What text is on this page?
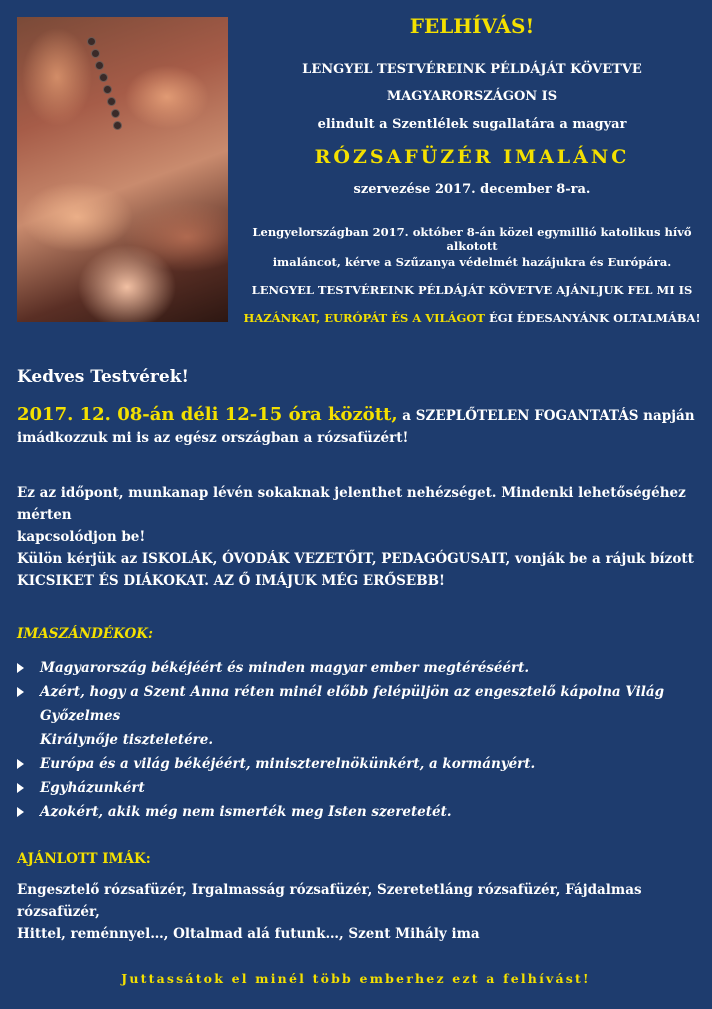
FELHÍVÁS!
LENGYEL TESTVÉREINK PÉLDÁJÁT KÖVETVE
MAGYARORSZÁGON IS
elindult a Szentlélek sugallatára a magyar
RÓZSAFÜZÉR IMALÁNC
szervezése 2017. december 8-ra.
Lengyelországban 2017. október 8-án közel egymillió katolikus hívő alkotott
imaláncot, kérve a Szűzanya védelmét hazájukra és Európára.
LENGYEL TESTVÉREINK PÉLDÁJÁT KÖVETVE AJÁNLJUK FEL MI IS
HAZÁNKAT, EURÓPÁT ÉS A VILÁGOT ÉGI ÉDESANYÁNK OLTALMÁBA!
Kedves Testvérek!
2017. 12. 08-án déli 12-15 óra között, a SZEPLŐTELEN FOGANTATÁS napján
imádkozzuk mi is az egész országban a rózsafüzért!
Ez az időpont, munkanap lévén sokaknak jelenthet nehézséget. Mindenki lehetőségéhez mérten
kapcsolódjon be!
Külön kérjük az ISKOLÁK, ÓVODÁK VEZETŐIT, PEDAGÓGUSAIT, vonják be a rájuk bízott
KICSIKET ÉS DIÁKOKAT. AZ Ő IMÁJUK MÉG ERŐSEBB!
IMASZÁNDÉKOK:
Magyarország békéjéért és minden magyar ember megtéréséért.
Azért, hogy a Szent Anna réten minél előbb felépüljön az engesztelő kápolna Világ Győzelmes
Királynője tiszteletére.
Európa és a világ békéjéért, miniszterelnökünkért, a kormányért.
Egyházunkért
Azokért, akik még nem ismerték meg Isten szeretetét.
AJÁNLOTT IMÁK:
Engesztelő rózsafüzér, Irgalmasság rózsafüzér, Szeretetláng rózsafüzér, Fájdalmas rózsafüzér,
Hittel, reménnyel…, Oltalmad alá futunk…, Szent Mihály ima
Juttassátok el minél több emberhez ezt a felhívást!
